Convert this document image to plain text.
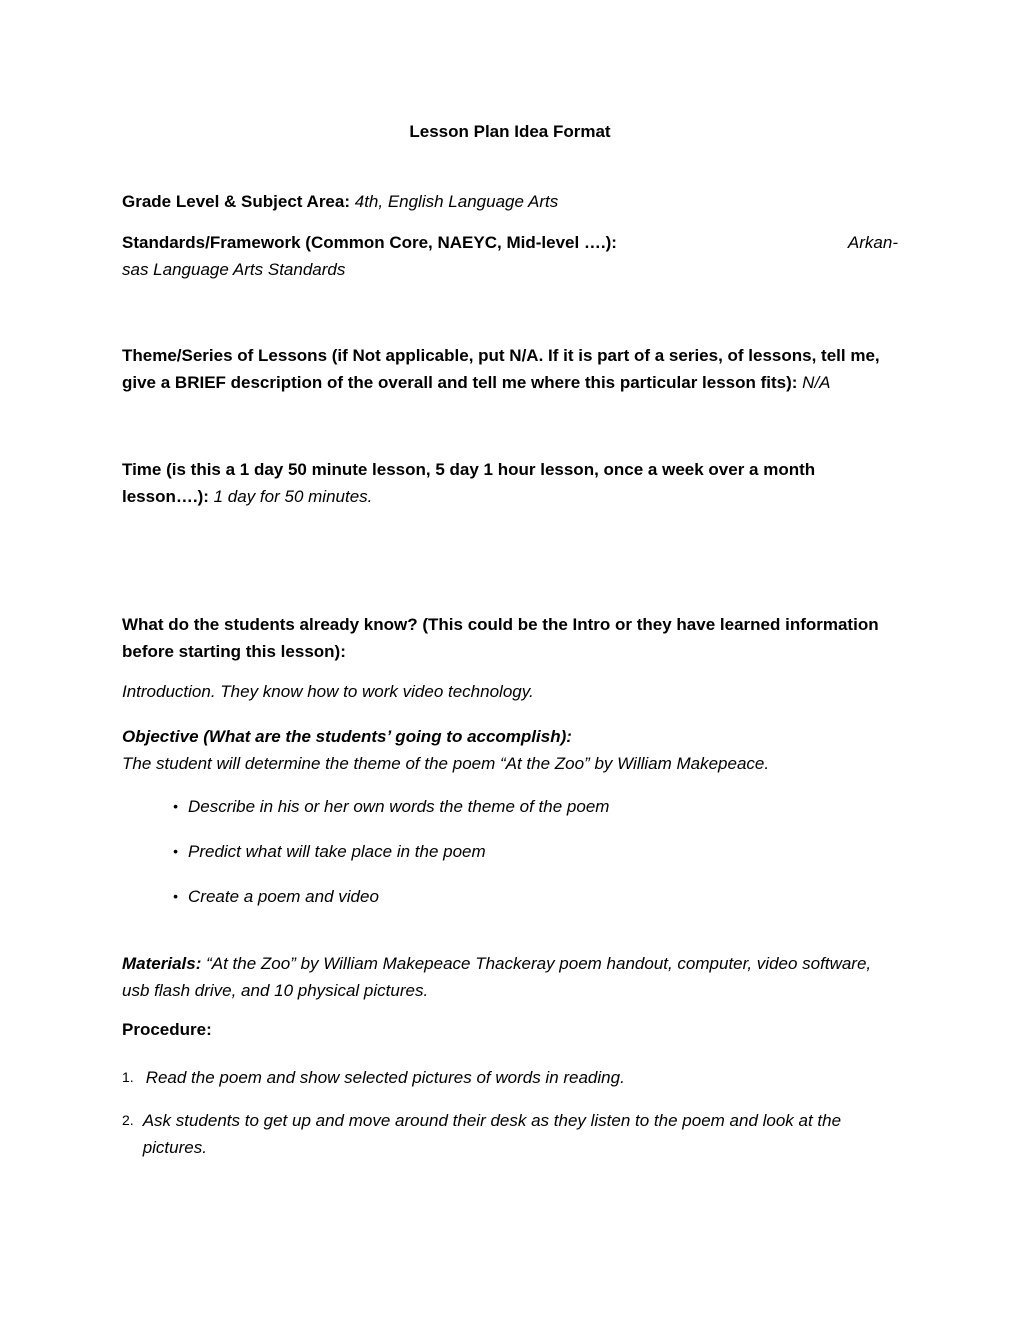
Lesson Plan Idea Format

Grade Level & Subject Area: 4th, English Language Arts

Standards/Framework (Common Core, NAEYC, Mid-level ….):	Arkan-
sas Language Arts Standards

Theme/Series of Lessons (if Not applicable, put N/A. If it is part of a series, of lessons, tell me, give a BRIEF description of the overall and tell me where this particular lesson fits): N/A

Time (is this a 1 day 50 minute lesson, 5 day 1 hour lesson, once a week over a month lesson….): 1 day for 50 minutes.

What do the students already know? (This could be the Intro or they have learned information before starting this lesson):

Introduction. They know how to work video technology.

Objective (What are the students’ going to accomplish):
The student will determine the theme of the poem “At the Zoo” by William Makepeace.
• Describe in his or her own words the theme of the poem
• Predict what will take place in the poem
• Create a poem and video

Materials: “At the Zoo” by William Makepeace Thackeray poem handout, computer, video software, usb flash drive, and 10 physical pictures.

Procedure:

1. Read the poem and show selected pictures of words in reading.
2. Ask students to get up and move around their desk as they listen to the poem and look at the pictures.
